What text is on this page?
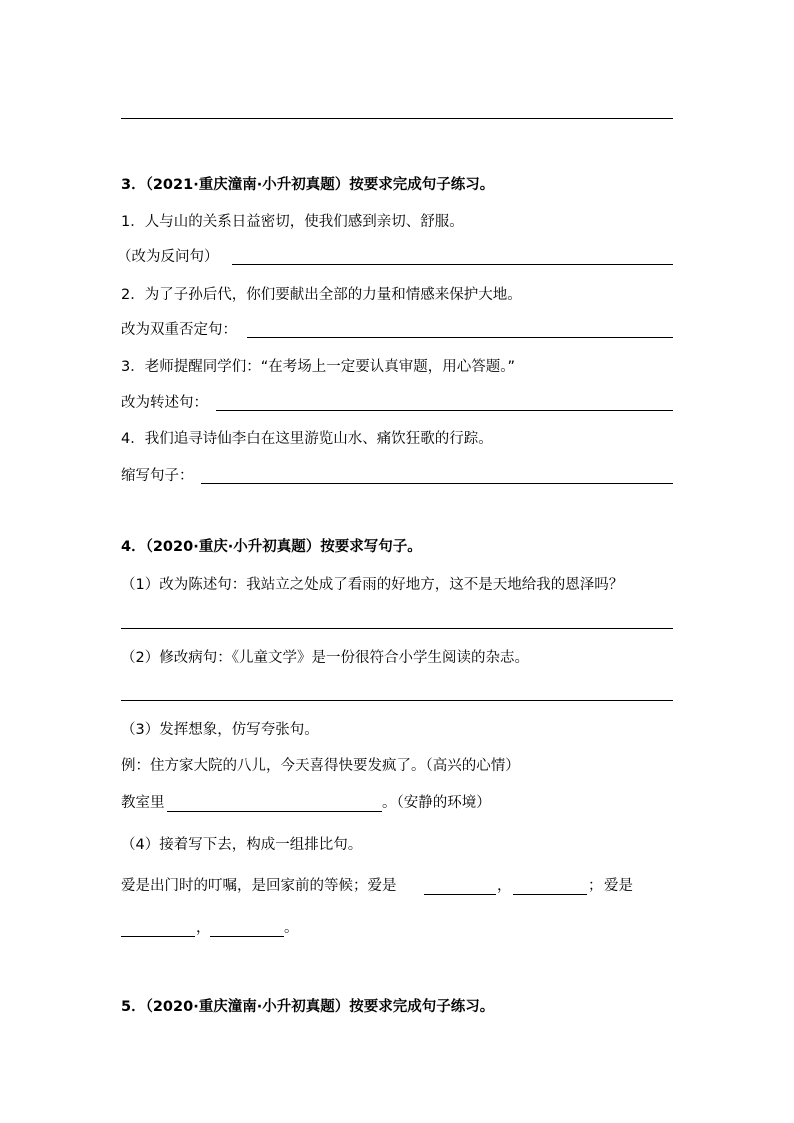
3．（2021·重庆潼南·小升初真题）按要求完成句子练习。
1．人与山的关系日益密切，使我们感到亲切、舒服。
（改为反问句）
2．为了子孙后代，你们要献出全部的力量和情感来保护大地。
改为双重否定句：
3．老师提醒同学们：“在考场上一定要认真审题，用心答题。”
改为转述句：
4．我们追寻诗仙李白在这里游览山水、痛饮狂歌的行踪。
缩写句子：
4．（2020·重庆·小升初真题）按要求写句子。
（1）改为陈述句：我站立之处成了看雨的好地方，这不是天地给我的恩泽吗？
（2）修改病句：《儿童文学》是一份很符合小学生阅读的杂志。
（3）发挥想象，仿写夸张句。
例：住方家大院的八儿，今天喜得快要发疯了。（高兴的心情）
教室里	。（安静的环境）
（4）接着写下去，构成一组排比句。
爱是出门时的叮嘱，是回家前的等候；爱是	，	； 爱是
，	。
5．（2020·重庆潼南·小升初真题）按要求完成句子练习。
